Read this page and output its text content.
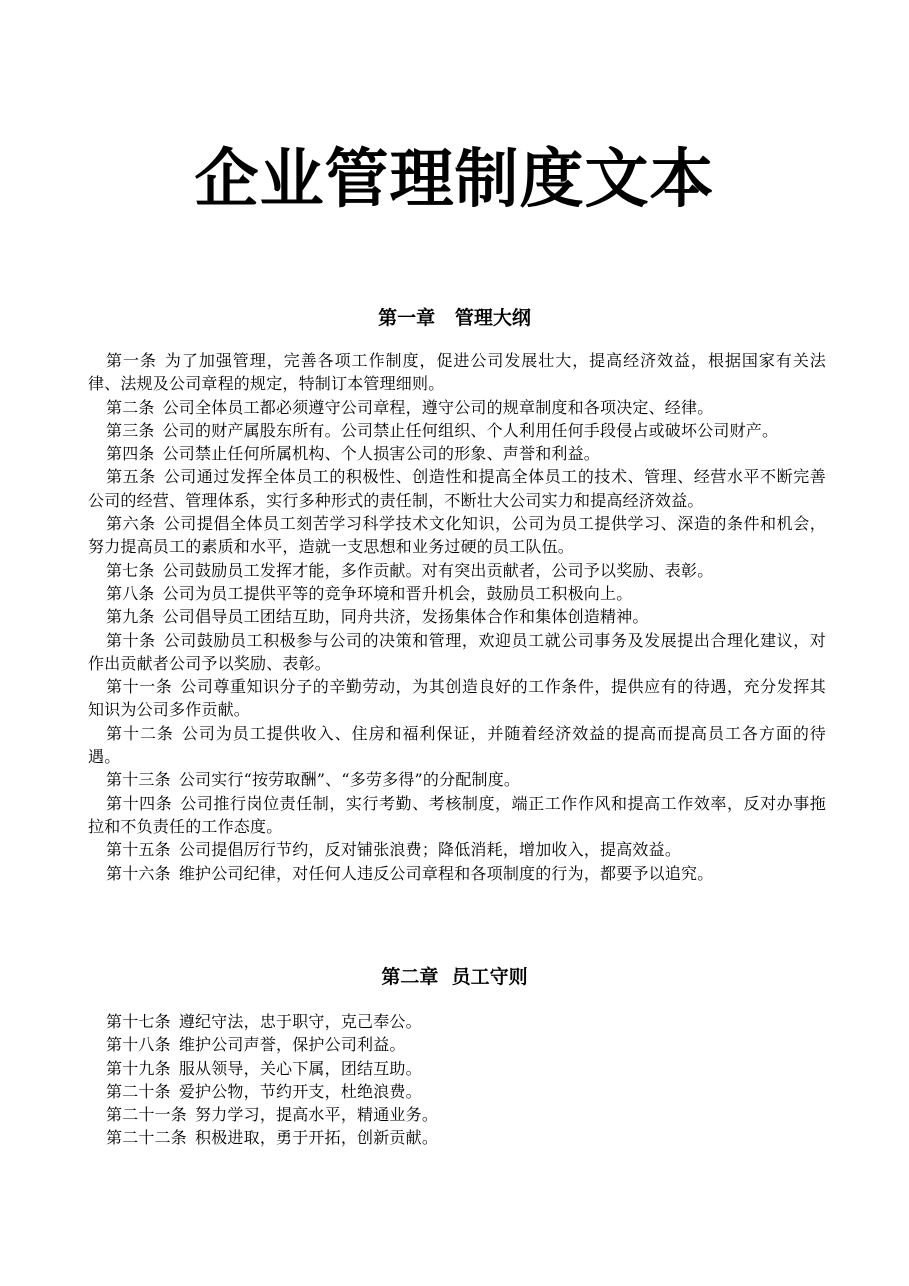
企业管理制度文本
第一章   管理大纲

第一条 为了加强管理，完善各项工作制度，促进公司发展壮大，提高经济效益，根据国家有关法律、法规及公司章程的规定，特制订本管理细则。

第二条 公司全体员工都必须遵守公司章程，遵守公司的规章制度和各项决定、经律。

第三条 公司的财产属股东所有。公司禁止任何组织、个人利用任何手段侵占或破坏公司财产。

第四条 公司禁止任何所属机构、个人损害公司的形象、声誉和利益。

第五条 公司通过发挥全体员工的积极性、创造性和提高全体员工的技术、管理、经营水平不断完善公司的经营、管理体系，实行多种形式的责任制，不断壮大公司实力和提高经济效益。

第六条 公司提倡全体员工刻苦学习科学技术文化知识，公司为员工提供学习、深造的条件和机会，努力提高员工的素质和水平，造就一支思想和业务过硬的员工队伍。

第七条 公司鼓励员工发挥才能，多作贡献。对有突出贡献者，公司予以奖励、表彰。

第八条 公司为员工提供平等的竞争环境和晋升机会，鼓励员工积极向上。

第九条 公司倡导员工团结互助，同舟共济，发扬集体合作和集体创造精神。

第十条 公司鼓励员工积极参与公司的决策和管理，欢迎员工就公司事务及发展提出合理化建议，对作出贡献者公司予以奖励、表彰。

第十一条 公司尊重知识分子的辛勤劳动，为其创造良好的工作条件，提供应有的待遇，充分发挥其知识为公司多作贡献。

第十二条 公司为员工提供收入、住房和福利保证，并随着经济效益的提高而提高员工各方面的待遇。

第十三条 公司实行“按劳取酬”、“多劳多得”的分配制度。

第十四条 公司推行岗位责任制，实行考勤、考核制度，端正工作作风和提高工作效率，反对办事拖拉和不负责任的工作态度。

第十五条 公司提倡厉行节约，反对铺张浪费；降低消耗，增加收入，提高效益。

第十六条 维护公司纪律，对任何人违反公司章程和各项制度的行为，都要予以追究。

第二章  员工守则

第十七条 遵纪守法，忠于职守，克己奉公。

第十八条 维护公司声誉，保护公司利益。

第十九条 服从领导，关心下属，团结互助。

第二十条 爱护公物，节约开支，杜绝浪费。

第二十一条 努力学习，提高水平，精通业务。

第二十二条 积极进取，勇于开拓，创新贡献。
